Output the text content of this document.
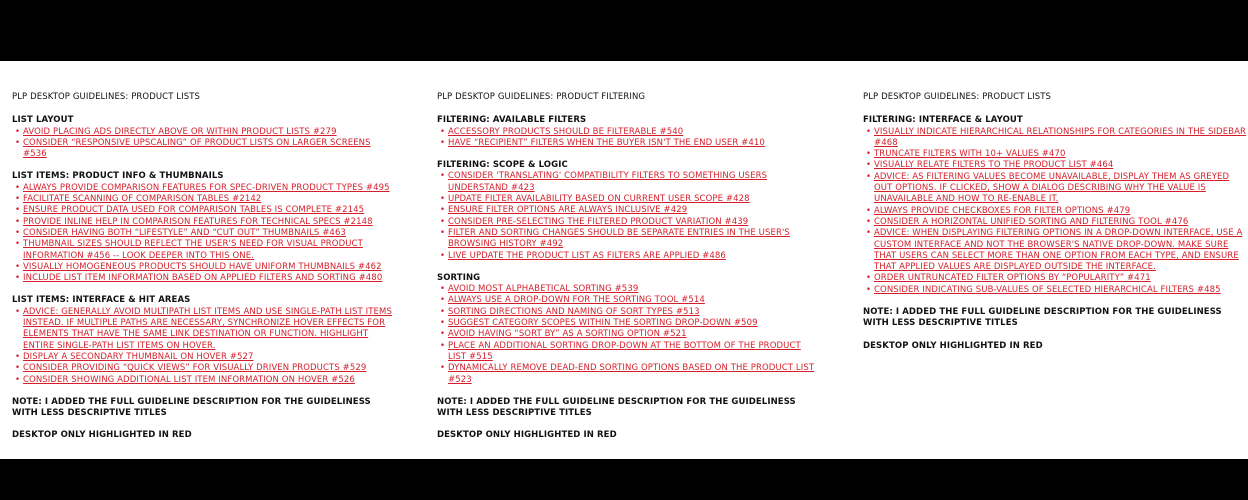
PLP DESKTOP GUIDELINES: PRODUCT LISTS
LIST LAYOUT
• AVOID PLACING ADS DIRECTLY ABOVE OR WITHIN PRODUCT LISTS #279
• CONSIDER “RESPONSIVE UPSCALING” OF PRODUCT LISTS ON LARGER SCREENS #536
LIST ITEMS: PRODUCT INFO & THUMBNAILS
• ALWAYS PROVIDE COMPARISON FEATURES FOR SPEC-DRIVEN PRODUCT TYPES #495
• FACILITATE SCANNING OF COMPARISON TABLES #2142
• ENSURE PRODUCT DATA USED FOR COMPARISON TABLES IS COMPLETE #2145
• PROVIDE INLINE HELP IN COMPARISON FEATURES FOR TECHNICAL SPECS #2148
• CONSIDER HAVING BOTH “LIFESTYLE” AND “CUT OUT” THUMBNAILS #463
• THUMBNAIL SIZES SHOULD REFLECT THE USER'S NEED FOR VISUAL PRODUCT INFORMATION #456 -- LOOK DEEPER INTO THIS ONE.
• VISUALLY HOMOGENEOUS PRODUCTS SHOULD HAVE UNIFORM THUMBNAILS #462
• INCLUDE LIST ITEM INFORMATION BASED ON APPLIED FILTERS AND SORTING #480
LIST ITEMS: INTERFACE & HIT AREAS
• ADVICE: GENERALLY AVOID MULTIPATH LIST ITEMS AND USE SINGLE-PATH LIST ITEMS INSTEAD. IF MULTIPLE PATHS ARE NECESSARY, SYNCHRONIZE HOVER EFFECTS FOR ELEMENTS THAT HAVE THE SAME LINK DESTINATION OR FUNCTION. HIGHLIGHT ENTIRE SINGLE-PATH LIST ITEMS ON HOVER.
• DISPLAY A SECONDARY THUMBNAIL ON HOVER #527
• CONSIDER PROVIDING “QUICK VIEWS” FOR VISUALLY DRIVEN PRODUCTS #529
• CONSIDER SHOWING ADDITIONAL LIST ITEM INFORMATION ON HOVER #526
NOTE: I ADDED THE FULL GUIDELINE DESCRIPTION FOR THE GUIDELINESS WITH LESS DESCRIPTIVE TITLES
DESKTOP ONLY HIGHLIGHTED IN RED
PLP DESKTOP GUIDELINES: PRODUCT FILTERING
FILTERING: AVAILABLE FILTERS
• ACCESSORY PRODUCTS SHOULD BE FILTERABLE #540
• HAVE “RECIPIENT” FILTERS WHEN THE BUYER ISN'T THE END USER #410
FILTERING: SCOPE & LOGIC
• CONSIDER 'TRANSLATING' COMPATIBILITY FILTERS TO SOMETHING USERS UNDERSTAND #423
• UPDATE FILTER AVAILABILITY BASED ON CURRENT USER SCOPE #428
• ENSURE FILTER OPTIONS ARE ALWAYS INCLUSIVE #429
• CONSIDER PRE-SELECTING THE FILTERED PRODUCT VARIATION #439
• FILTER AND SORTING CHANGES SHOULD BE SEPARATE ENTRIES IN THE USER'S BROWSING HISTORY #492
• LIVE UPDATE THE PRODUCT LIST AS FILTERS ARE APPLIED #486
SORTING
• AVOID MOST ALPHABETICAL SORTING #539
• ALWAYS USE A DROP-DOWN FOR THE SORTING TOOL #514
• SORTING DIRECTIONS AND NAMING OF SORT TYPES #513
• SUGGEST CATEGORY SCOPES WITHIN THE SORTING DROP-DOWN #509
• AVOID HAVING “SORT BY” AS A SORTING OPTION #521
• PLACE AN ADDITIONAL SORTING DROP-DOWN AT THE BOTTOM OF THE PRODUCT LIST #515
• DYNAMICALLY REMOVE DEAD-END SORTING OPTIONS BASED ON THE PRODUCT LIST #523
NOTE: I ADDED THE FULL GUIDELINE DESCRIPTION FOR THE GUIDELINESS WITH LESS DESCRIPTIVE TITLES
DESKTOP ONLY HIGHLIGHTED IN RED
PLP DESKTOP GUIDELINES: PRODUCT LISTS
FILTERING: INTERFACE & LAYOUT
• VISUALLY INDICATE HIERARCHICAL RELATIONSHIPS FOR CATEGORIES IN THE SIDEBAR #468
• TRUNCATE FILTERS WITH 10+ VALUES #470
• VISUALLY RELATE FILTERS TO THE PRODUCT LIST #464
• ADVICE: AS FILTERING VALUES BECOME UNAVAILABLE, DISPLAY THEM AS GREYED OUT OPTIONS. IF CLICKED, SHOW A DIALOG DESCRIBING WHY THE VALUE IS UNAVAILABLE AND HOW TO RE-ENABLE IT.
• ALWAYS PROVIDE CHECKBOXES FOR FILTER OPTIONS #479
• CONSIDER A HORIZONTAL UNIFIED SORTING AND FILTERING TOOL #476
• ADVICE: WHEN DISPLAYING FILTERING OPTIONS IN A DROP-DOWN INTERFACE, USE A CUSTOM INTERFACE AND NOT THE BROWSER'S NATIVE DROP-DOWN. MAKE SURE THAT USERS CAN SELECT MORE THAN ONE OPTION FROM EACH TYPE, AND ENSURE THAT APPLIED VALUES ARE DISPLAYED OUTSIDE THE INTERFACE.
• ORDER UNTRUNCATED FILTER OPTIONS BY “POPULARITY” #471
• CONSIDER INDICATING SUB-VALUES OF SELECTED HIERARCHICAL FILTERS #485
NOTE: I ADDED THE FULL GUIDELINE DESCRIPTION FOR THE GUIDELINESS WITH LESS DESCRIPTIVE TITLES
DESKTOP ONLY HIGHLIGHTED IN RED
